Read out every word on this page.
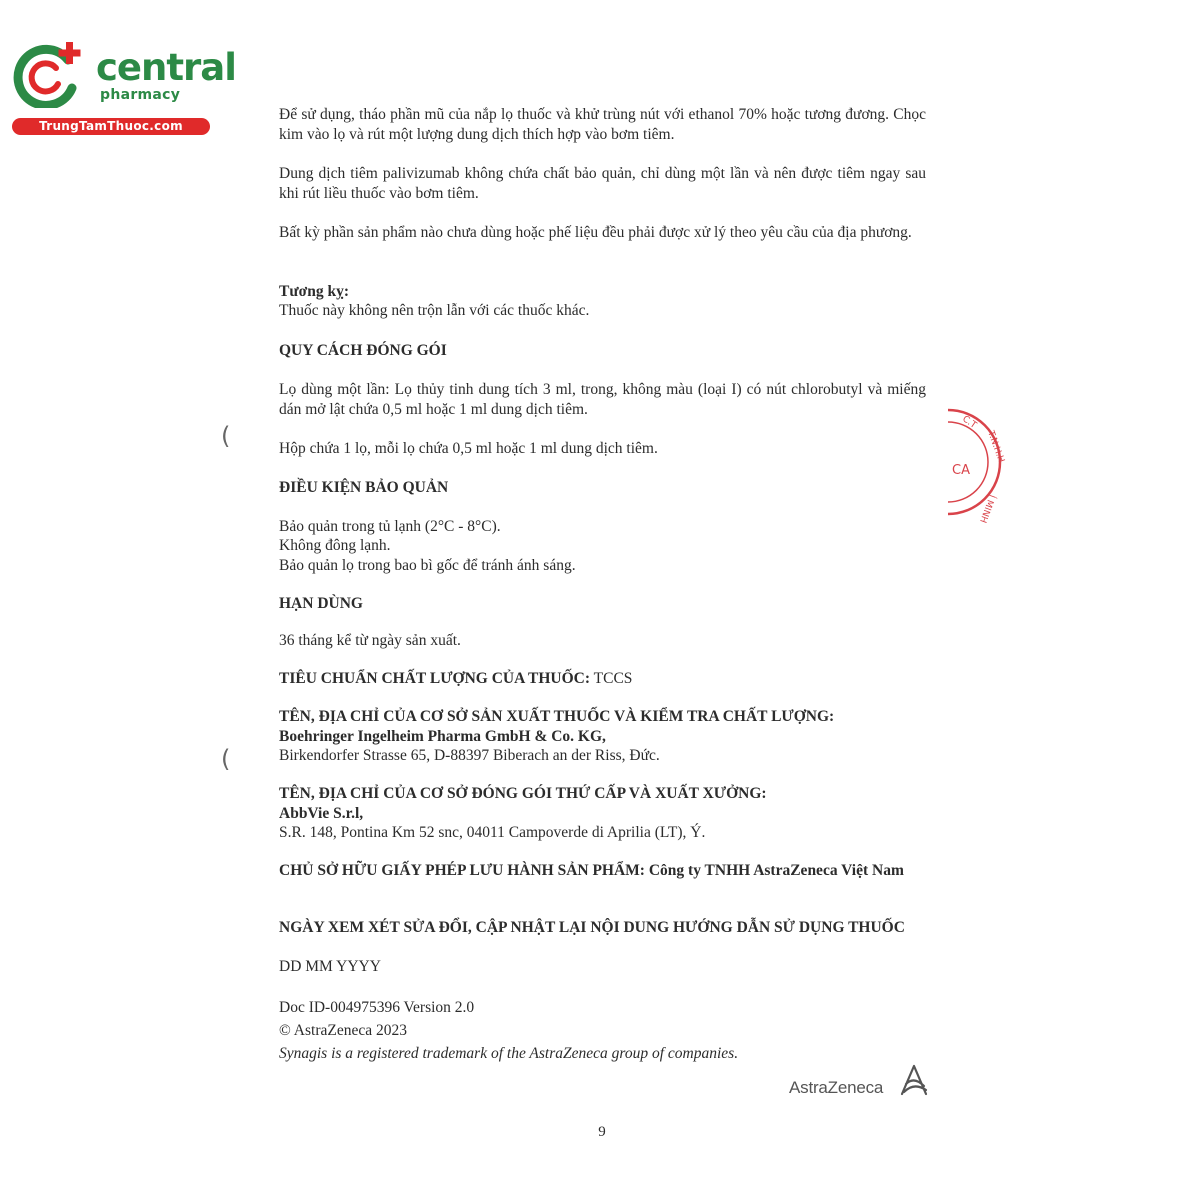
central
pharmacy
TrungTamThuoc.com
(
(
Để sử dụng, tháo phần mũ của nắp lọ thuốc và khử trùng nút với ethanol 70% hoặc tương đương. Chọc kim vào lọ và rút một lượng dung dịch thích hợp vào bơm tiêm.
Dung dịch tiêm palivizumab không chứa chất bảo quản, chỉ dùng một lần và nên được tiêm ngay sau khi rút liều thuốc vào bơm tiêm.
Bất kỳ phần sản phẩm nào chưa dùng hoặc phế liệu đều phải được xử lý theo yêu cầu của địa phương.
Tương kỵ:
Thuốc này không nên trộn lẫn với các thuốc khác.
QUY CÁCH ĐÓNG GÓI
Lọ dùng một lần: Lọ thủy tinh dung tích 3 ml, trong, không màu (loại I) có nút chlorobutyl và miếng dán mở lật chứa 0,5 ml hoặc 1 ml dung dịch tiêm.
Hộp chứa 1 lọ, mỗi lọ chứa 0,5 ml hoặc 1 ml dung dịch tiêm.
ĐIỀU KIỆN BẢO QUẢN
Bảo quản trong tủ lạnh (2°C - 8°C).
Không đông lạnh.
Bảo quản lọ trong bao bì gốc để tránh ánh sáng.
HẠN DÙNG
36 tháng kể từ ngày sản xuất.
TIÊU CHUẨN CHẤT LƯỢNG CỦA THUỐC: TCCS
TÊN, ĐỊA CHỈ CỦA CƠ SỞ SẢN XUẤT THUỐC VÀ KIỂM TRA CHẤT LƯỢNG:
Boehringer Ingelheim Pharma GmbH & Co. KG,
Birkendorfer Strasse 65, D-88397 Biberach an der Riss, Đức.
TÊN, ĐỊA CHỈ CỦA CƠ SỞ ĐÓNG GÓI THỨ CẤP VÀ XUẤT XƯỞNG:
AbbVie S.r.l,
S.R. 148, Pontina Km 52 snc, 04011 Campoverde di Aprilia (LT), Ý.
CHỦ SỞ HỮU GIẤY PHÉP LƯU HÀNH SẢN PHẨM: Công ty TNHH AstraZeneca Việt Nam
NGÀY XEM XÉT SỬA ĐỔI, CẬP NHẬT LẠI NỘI DUNG HƯỚNG DẪN SỬ DỤNG THUỐC
DD MM YYYY
Doc ID-004975396 Version 2.0
© AstraZeneca 2023
Synagis is a registered trademark of the AstraZeneca group of companies.
AstraZeneca
9
C.T
T.N.H.H
CA
Í MINH
